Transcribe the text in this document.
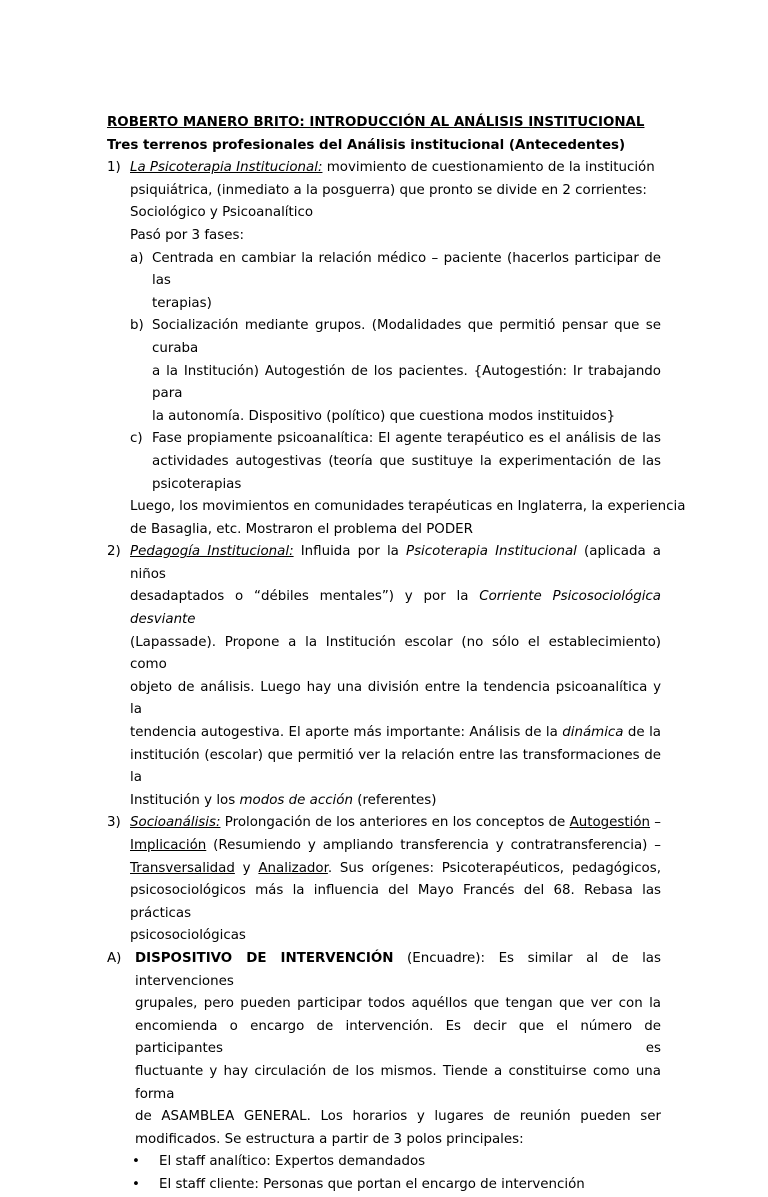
ROBERTO MANERO BRITO: INTRODUCCIÓN AL ANÁLISIS INSTITUCIONAL
Tres terrenos profesionales del Análisis institucional (Antecedentes)
1) La Psicoterapia Institucional: movimiento de cuestionamiento de la institución
psiquiátrica, (inmediato a la posguerra) que pronto se divide en 2 corrientes:
Sociológico y Psicoanalítico
Pasó por 3 fases:
a) Centrada en cambiar la relación médico – paciente (hacerlos participar de las
terapias)
b) Socialización mediante grupos. (Modalidades que permitió pensar que se curaba
a la Institución) Autogestión de los pacientes. {Autogestión: Ir trabajando para
la autonomía. Dispositivo (político) que cuestiona modos instituidos}
c) Fase propiamente psicoanalítica: El agente terapéutico es el análisis de las
actividades autogestivas (teoría que sustituye la experimentación de las
psicoterapias
Luego, los movimientos en comunidades terapéuticas en Inglaterra, la experiencia
de Basaglia, etc. Mostraron el problema del PODER
2) Pedagogía Institucional: Influida por la Psicoterapia Institucional (aplicada a niños
desadaptados o “débiles mentales”) y por la Corriente Psicosociológica desviante
(Lapassade). Propone a la Institución escolar (no sólo el establecimiento) como
objeto de análisis. Luego hay una división entre la tendencia psicoanalítica y la
tendencia autogestiva. El aporte más importante: Análisis de la dinámica de la
institución (escolar) que permitió ver la relación entre las transformaciones de la
Institución y los modos de acción (referentes)
3) Socioanálisis: Prolongación de los anteriores en los conceptos de Autogestión –
Implicación (Resumiendo y ampliando transferencia y contratransferencia) –
Transversalidad y Analizador. Sus orígenes: Psicoterapéuticos, pedagógicos,
psicosociológicos más la influencia del Mayo Francés del 68. Rebasa las prácticas
psicosociológicas
A)	DISPOSITIVO DE INTERVENCIÓN (Encuadre): Es similar al de las intervenciones
grupales, pero pueden participar todos aquéllos que tengan que ver con la
encomienda o encargo de intervención. Es decir que el número de participantes es
fluctuante y hay circulación de los mismos. Tiende a constituirse como una forma
de ASAMBLEA GENERAL. Los horarios y lugares de reunión pueden ser
modificados. Se estructura a partir de 3 polos principales:
•	El staff analítico: Expertos demandados
•	El staff cliente: Personas que portan el encargo de intervención
